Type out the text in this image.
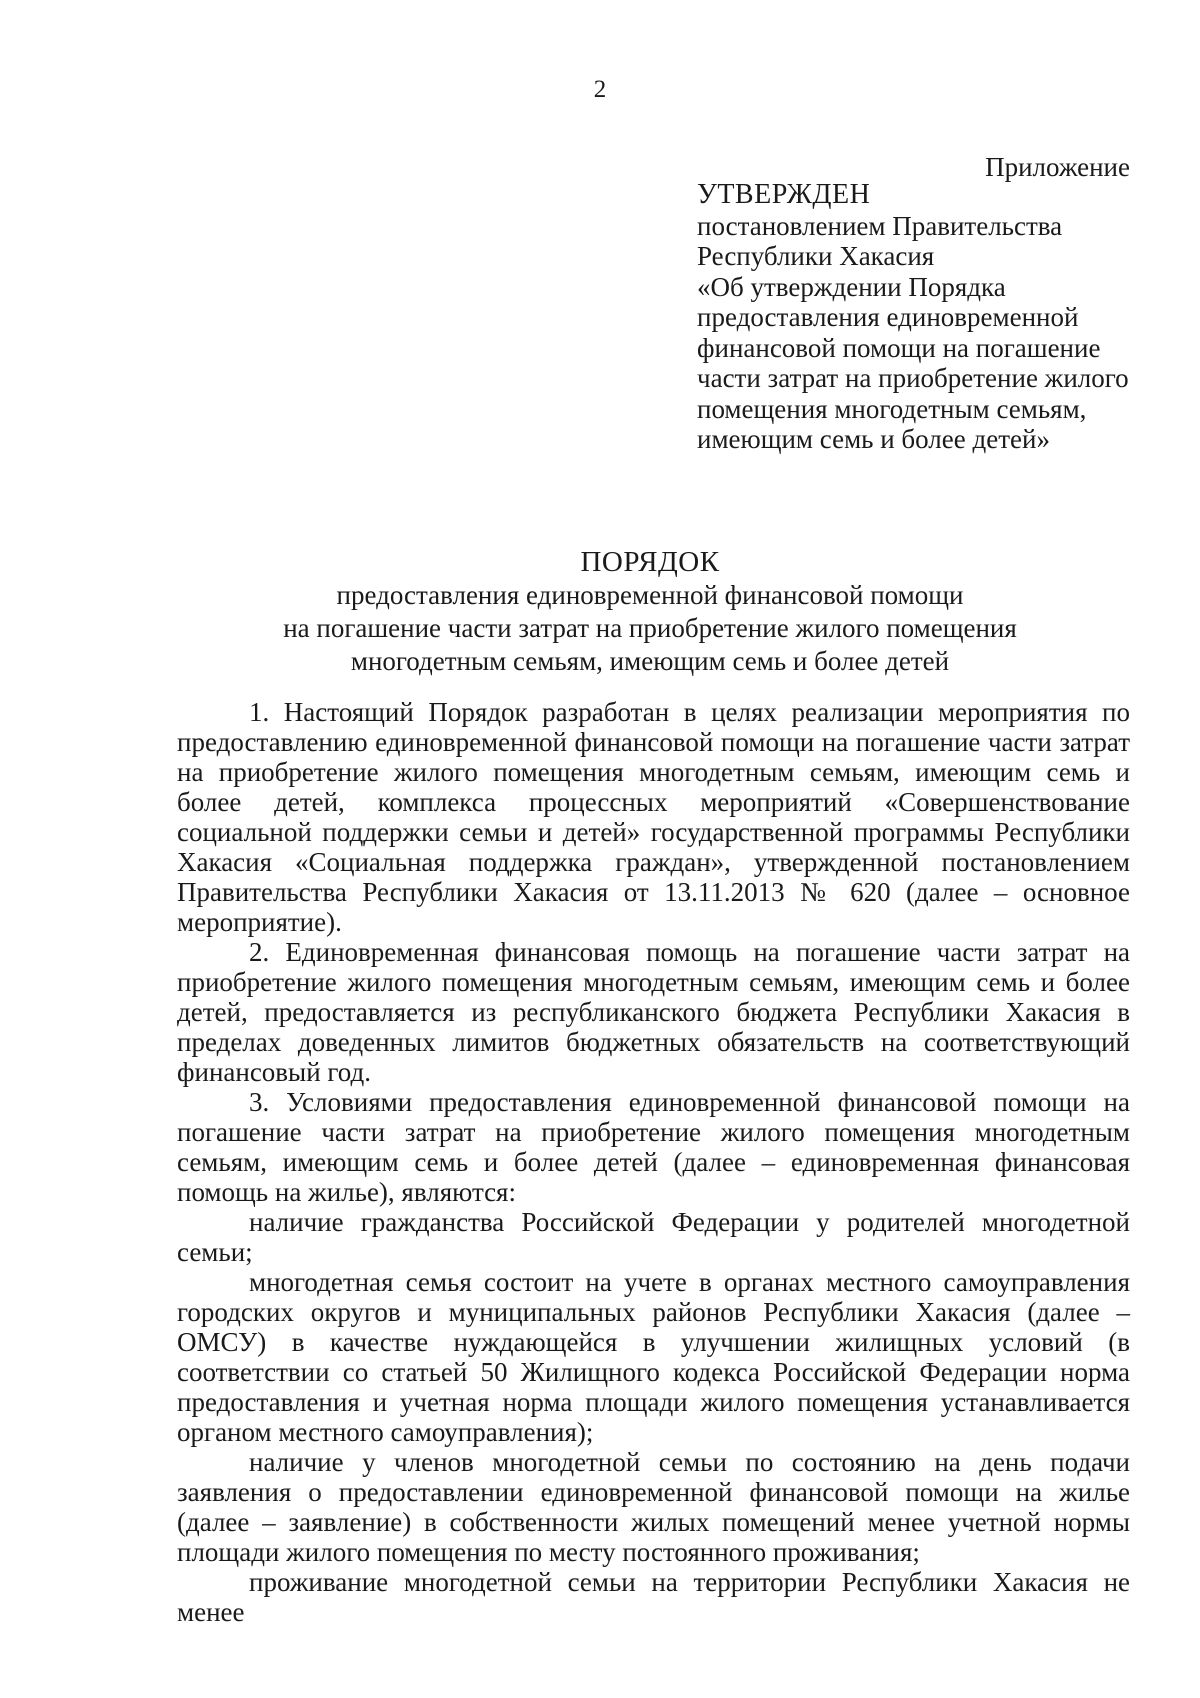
2
Приложение
УТВЕРЖДЕН
постановлением Правительства
Республики Хакасия
«Об утверждении Порядка
предоставления единовременной
финансовой помощи на погашение
части затрат на приобретение жилого
помещения многодетным семьям,
имеющим семь и более детей»
ПОРЯДОК
предоставления единовременной финансовой помощи
на погашение части затрат на приобретение жилого помещения
многодетным семьям, имеющим семь и более детей

1. Настоящий Порядок разработан в целях реализации мероприятия по предоставлению единовременной финансовой помощи на погашение части затрат на приобретение жилого помещения многодетным семьям, имеющим семь и более детей, комплекса процессных мероприятий «Совершенствование социальной поддержки семьи и детей» государственной программы Республики Хакасия «Социальная поддержка граждан», утвержденной постановлением Правительства Республики Хакасия от 13.11.2013 № 620 (далее – основное мероприятие).

2. Единовременная финансовая помощь на погашение части затрат на приобретение жилого помещения многодетным семьям, имеющим семь и более детей, предоставляется из республиканского бюджета Республики Хакасия в пределах доведенных лимитов бюджетных обязательств на соответствующий финансовый год.

3. Условиями предоставления единовременной финансовой помощи на погашение части затрат на приобретение жилого помещения многодетным семьям, имеющим семь и более детей (далее – единовременная финансовая помощь на жилье), являются:

наличие гражданства Российской Федерации у родителей многодетной семьи;

многодетная семья состоит на учете в органах местного самоуправления городских округов и муниципальных районов Республики Хакасия (далее – ОМСУ) в качестве нуждающейся в улучшении жилищных условий (в соответствии со статьей 50 Жилищного кодекса Российской Федерации норма предоставления и учетная норма площади жилого помещения устанавливается органом местного самоуправления);

наличие у членов многодетной семьи по состоянию на день подачи заявления о предоставлении единовременной финансовой помощи на жилье (далее – заявление) в собственности жилых помещений менее учетной нормы площади жилого помещения по месту постоянного проживания;

проживание многодетной семьи на территории Республики Хакасия не менее
